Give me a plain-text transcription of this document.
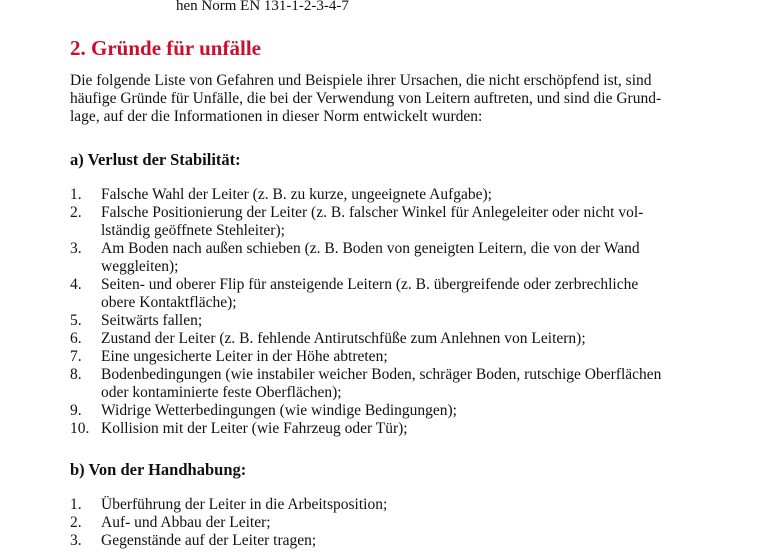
hen Norm EN 131-1-2-3-4-7
2. Gründe für unfälle
Die folgende Liste von Gefahren und Beispiele ihrer Ursachen, die nicht erschöpfend ist, sind
häufige Gründe für Unfälle, die bei der Verwendung von Leitern auftreten, und sind die Grund-
lage, auf der die Informationen in dieser Norm entwickelt wurden:
a) Verlust der Stabilität:
1. Falsche Wahl der Leiter (z. B. zu kurze, ungeeignete Aufgabe);
2. Falsche Positionierung der Leiter (z. B. falscher Winkel für Anlegeleiter oder nicht vol-
lständig geöffnete Stehleiter);
3. Am Boden nach außen schieben (z. B. Boden von geneigten Leitern, die von der Wand
weggleiten);
4. Seiten- und oberer Flip für ansteigende Leitern (z. B. übergreifende oder zerbrechliche
obere Kontaktfläche);
5. Seitwärts fallen;
6. Zustand der Leiter (z. B. fehlende Antirutschfüße zum Anlehnen von Leitern);
7. Eine ungesicherte Leiter in der Höhe abtreten;
8. Bodenbedingungen (wie instabiler weicher Boden, schräger Boden, rutschige Oberflächen
oder kontaminierte feste Oberflächen);
9. Widrige Wetterbedingungen (wie windige Bedingungen);
10. Kollision mit der Leiter (wie Fahrzeug oder Tür);
b) Von der Handhabung:
1. Überführung der Leiter in die Arbeitsposition;
2. Auf- und Abbau der Leiter;
3. Gegenstände auf der Leiter tragen;
